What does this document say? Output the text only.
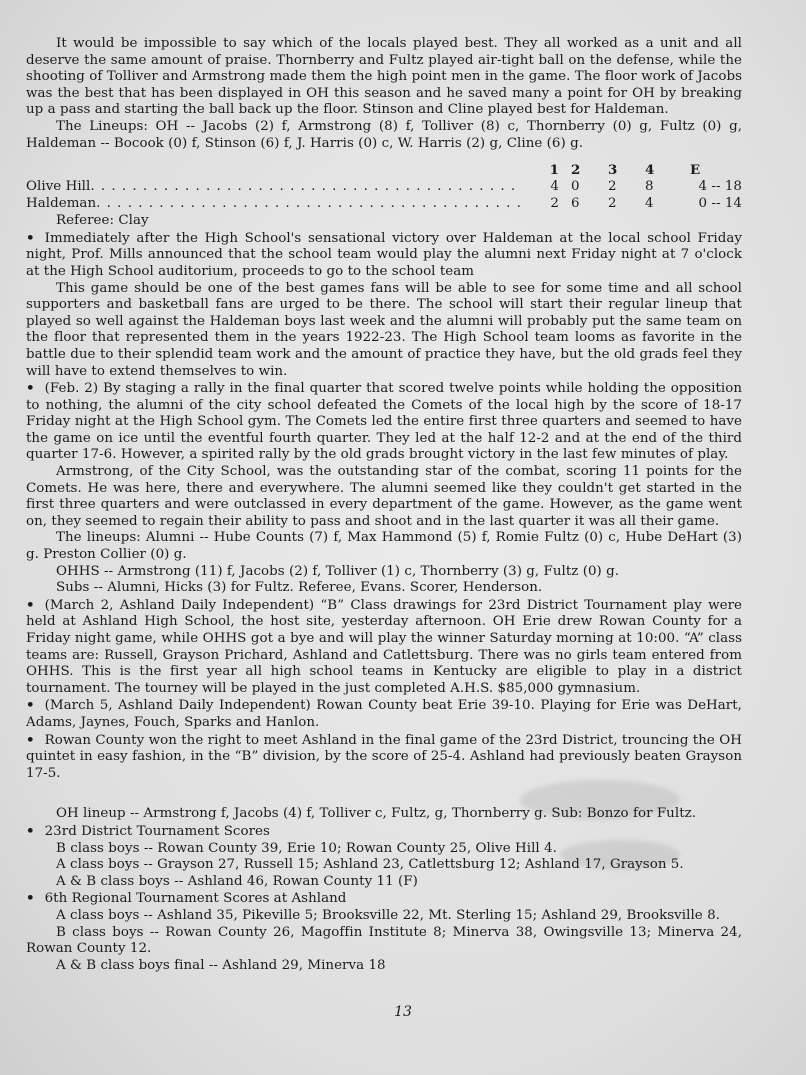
It would be impossible to say which of the locals played best. They all worked as a unit and all deserve the same amount of praise. Thornberry and Fultz played air-tight ball on the defense, while the shooting of Tolliver and Armstrong made them the high point men in the game. The floor work of Jacobs was the best that has been displayed in OH this season and he saved many a point for OH by breaking up a pass and starting the ball back up the floor. Stinson and Cline played best for Haldeman.

The Lineups: OH -- Jacobs (2) f, Armstrong (8) f, Tolliver (8) c, Thornberry (0) g, Fultz (0) g, Haldeman -- Bocook (0) f, Stinson (6) f, J. Harris (0) c, W. Harris (2) g, Cline (6) g.

1 2	3	4	E
Olive Hill . . .	4 0	2	8	4 -- 18
Haldeman . . .	2 6	2	4	0 -- 14

Referee: Clay

• Immediately after the High School's sensational victory over Haldeman at the local school Friday night, Prof. Mills announced that the school team would play the alumni next Friday night at 7 o'clock at the High School auditorium, proceeds to go to the school team

This game should be one of the best games fans will be able to see for some time and all school supporters and basketball fans are urged to be there. The school will start their regular lineup that played so well against the Haldeman boys last week and the alumni will probably put the same team on the floor that represented them in the years 1922-23. The High School team looms as favorite in the battle due to their splendid team work and the amount of practice they have, but the old grads feel they will have to extend themselves to win.

• (Feb. 2) By staging a rally in the final quarter that scored twelve points while holding the opposition to nothing, the alumni of the city school defeated the Comets of the local high by the score of 18-17 Friday night at the High School gym. The Comets led the entire first three quarters and seemed to have the game on ice until the eventful fourth quarter. They led at the half 12-2 and at the end of the third quarter 17-6. However, a spirited rally by the old grads brought victory in the last few minutes of play.

Armstrong, of the City School, was the outstanding star of the combat, scoring 11 points for the Comets. He was here, there and everywhere. The alumni seemed like they couldn't get started in the first three quarters and were outclassed in every department of the game. However, as the game went on, they seemed to regain their ability to pass and shoot and in the last quarter it was all their game.

The lineups: Alumni -- Hube Counts (7) f, Max Hammond (5) f, Romie Fultz (0) c, Hube DeHart (3) g. Preston Collier (0) g.

OHHS -- Armstrong (11) f, Jacobs (2) f, Tolliver (1) c, Thornberry (3) g, Fultz (0) g.

Subs -- Alumni, Hicks (3) for Fultz. Referee, Evans. Scorer, Henderson.

• (March 2, Ashland Daily Independent) “B” Class drawings for 23rd District Tournament play were held at Ashland High School, the host site, yesterday afternoon. OH Erie drew Rowan County for a Friday night game, while OHHS got a bye and will play the winner Saturday morning at 10:00. “A” class teams are: Russell, Grayson Prichard, Ashland and Catlettsburg. There was no girls team entered from OHHS. This is the first year all high school teams in Kentucky are eligible to play in a district tournament. The tourney will be played in the just completed A.H.S. $85,000 gymnasium.

• (March 5, Ashland Daily Independent) Rowan County beat Erie 39-10. Playing for Erie was DeHart, Adams, Jaynes, Fouch, Sparks and Hanlon.

• Rowan County won the right to meet Ashland in the final game of the 23rd District, trouncing the OH quintet in easy fashion, in the “B” division, by the score of 25-4. Ashland had previously beaten Grayson 17-5.

OH lineup -- Armstrong f, Jacobs (4) f, Tolliver c, Fultz, g, Thornberry g. Sub: Bonzo for Fultz.

• 23rd District Tournament Scores

B class boys -- Rowan County 39, Erie 10; Rowan County 25, Olive Hill 4.

A class boys -- Grayson 27, Russell 15; Ashland 23, Catlettsburg 12; Ashland 17, Grayson 5.

A & B class boys -- Ashland 46, Rowan County 11 (F)

• 6th Regional Tournament Scores at Ashland

A class boys -- Ashland 35, Pikeville 5; Brooksville 22, Mt. Sterling 15; Ashland 29, Brooksville 8.

B class boys -- Rowan County 26, Magoffin Institute 8; Minerva 38, Owingsville 13; Minerva 24, Rowan County 12.

A & B class boys final -- Ashland 29, Minerva 18

13
